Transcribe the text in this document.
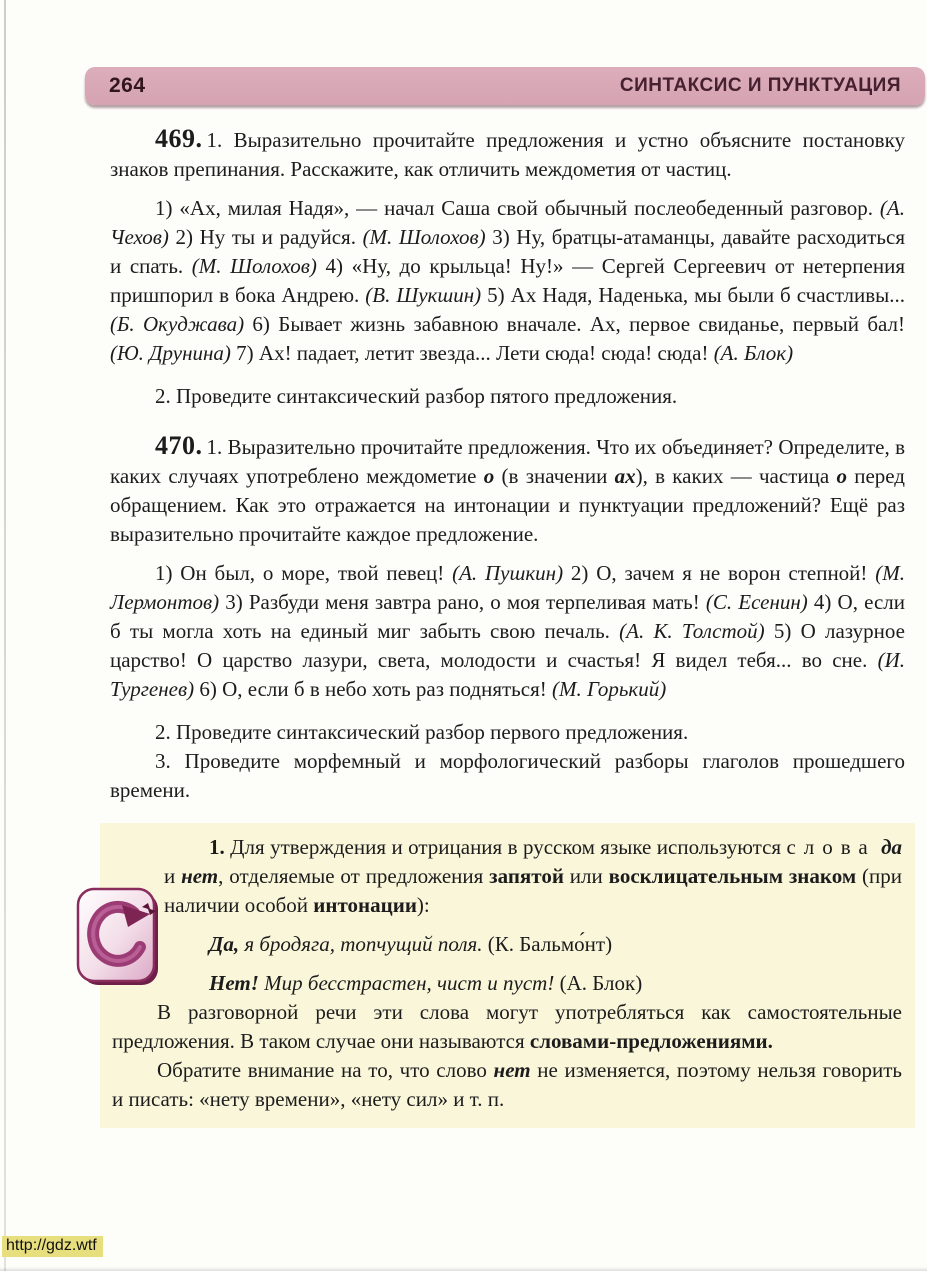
264	СИНТАКСИС И ПУНКТУАЦИЯ

469. 1. Выразительно прочитайте предложения и устно объясните постановку знаков препинания. Расскажите, как отличить междометия от частиц.

1) «Ах, милая Надя», — начал Саша свой обычный послеобеденный разговор. (А. Чехов) 2) Ну ты и радуйся. (М. Шолохов) 3) Ну, братцы-атаманцы, давайте расходиться и спать. (М. Шолохов) 4) «Ну, до крыльца! Ну!» — Сергей Сергеевич от нетерпения пришпорил в бока Андрею. (В. Шукшин) 5) Ах Надя, Наденька, мы были б счастливы... (Б. Окуджава) 6) Бывает жизнь забавною вначале. Ах, первое свиданье, первый бал! (Ю. Друнина) 7) Ах! падает, летит звезда... Лети сюда! сюда! сюда! (А. Блок)

2. Проведите синтаксический разбор пятого предложения.

470. 1. Выразительно прочитайте предложения. Что их объединяет? Определите, в каких случаях употреблено междометие о (в значении ах), в каких — частица о перед обращением. Как это отражается на интонации и пунктуации предложений? Ещё раз выразительно прочитайте каждое предложение.

1) Он был, о море, твой певец! (А. Пушкин) 2) О, зачем я не ворон степной! (М. Лермонтов) 3) Разбуди меня завтра рано, о моя терпеливая мать! (С. Есенин) 4) О, если б ты могла хоть на единый миг забыть свою печаль. (А. К. Толстой) 5) О лазурное царство! О царство лазури, света, молодости и счастья! Я видел тебя... во сне. (И. Тургенев) 6) О, если б в небо хоть раз подняться! (М. Горький)

2. Проведите синтаксический разбор первого предложения.

3. Проведите морфемный и морфологический разборы глаголов прошедшего времени.

1. Для утверждения и отрицания в русском языке используются слова да и нет, отделяемые от предложения запятой или восклицательным знаком (при наличии особой интонации):

Да, я бродяга, топчущий поля. (К. Бальмо́нт)

Нет! Мир бесстрастен, чист и пуст! (А. Блок)

В разговорной речи эти слова могут употребляться как самостоятельные предложения. В таком случае они называются словами-предложениями.

Обратите внимание на то, что слово нет не изменяется, поэтому нельзя говорить и писать: «нету времени», «нету сил» и т. п.

http://gdz.wtf
